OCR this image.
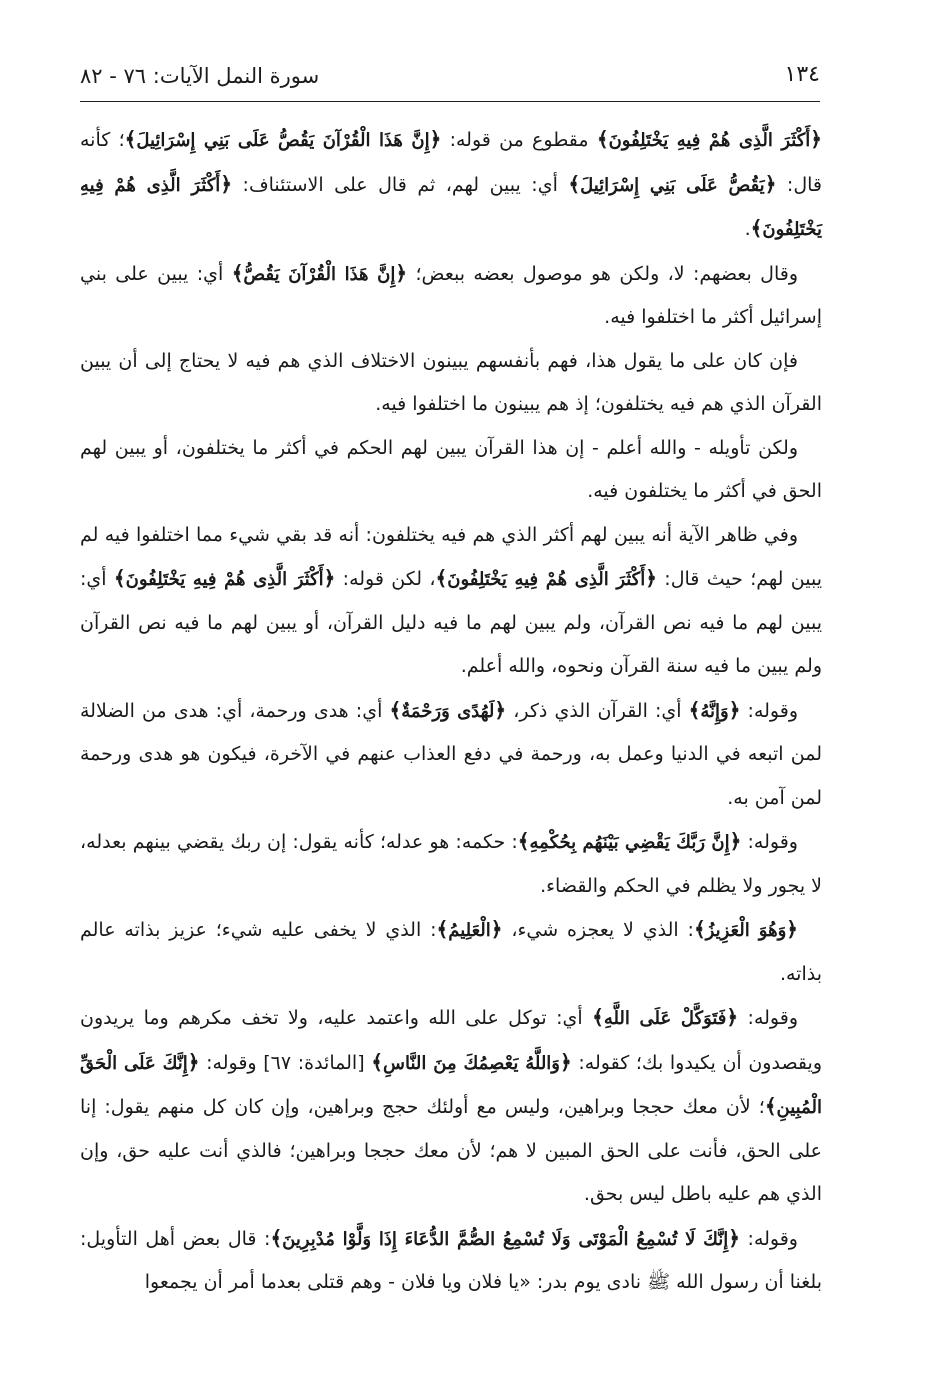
١٣٤
سورة النمل الآيات: ٧٦ - ٨٢

﴿أَكْثَرَ الَّذِى هُمْ فِيهِ يَخْتَلِفُونَ﴾ مقطوع من قوله: ﴿إِنَّ هَذَا الْقُرْآنَ يَقُصُّ عَلَى بَنِي إِسْرَائِيلَ﴾؛ كأنه قال: ﴿يَقُصُّ عَلَى بَنِي إِسْرَائِيلَ﴾ أي: يبين لهم، ثم قال على الاستئناف: ﴿أَكْثَرَ الَّذِى هُمْ فِيهِ يَخْتَلِفُونَ﴾.

وقال بعضهم: لا، ولكن هو موصول بعضه ببعض؛ ﴿إِنَّ هَذَا الْقُرْآنَ يَقُصُّ﴾ أي: يبين على بني إسرائيل أكثر ما اختلفوا فيه.

فإن كان على ما يقول هذا، فهم بأنفسهم يبينون الاختلاف الذي هم فيه لا يحتاج إلى أن يبين القرآن الذي هم فيه يختلفون؛ إذ هم يبينون ما اختلفوا فيه.

ولكن تأويله - والله أعلم - إن هذا القرآن يبين لهم الحكم في أكثر ما يختلفون، أو يبين لهم الحق في أكثر ما يختلفون فيه.

وفي ظاهر الآية أنه يبين لهم أكثر الذي هم فيه يختلفون: أنه قد بقي شيء مما اختلفوا فيه لم يبين لهم؛ حيث قال: ﴿أَكْثَرَ الَّذِى هُمْ فِيهِ يَخْتَلِفُونَ﴾، لكن قوله: ﴿أَكْثَرَ الَّذِى هُمْ فِيهِ يَخْتَلِفُونَ﴾ أي: يبين لهم ما فيه نص القرآن، ولم يبين لهم ما فيه دليل القرآن، أو يبين لهم ما فيه نص القرآن ولم يبين ما فيه سنة القرآن ونحوه، والله أعلم.

وقوله: ﴿وَإِنَّهُ﴾ أي: القرآن الذي ذكر، ﴿لَهُدًى وَرَحْمَةٌ﴾ أي: هدى ورحمة، أي: هدى من الضلالة لمن اتبعه في الدنيا وعمل به، ورحمة في دفع العذاب عنهم في الآخرة، فيكون هو هدى ورحمة لمن آمن به.

وقوله: ﴿إِنَّ رَبَّكَ يَقْضِي بَيْنَهُم بِحُكْمِهِ﴾: حكمه: هو عدله؛ كأنه يقول: إن ربك يقضي بينهم بعدله، لا يجور ولا يظلم في الحكم والقضاء.

﴿وَهُوَ الْعَزِيزُ﴾: الذي لا يعجزه شيء، ﴿الْعَلِيمُ﴾: الذي لا يخفى عليه شيء؛ عزيز بذاته عالم بذاته.

وقوله: ﴿فَتَوَكَّلْ عَلَى اللَّهِ﴾ أي: توكل على الله واعتمد عليه، ولا تخف مكرهم وما يريدون ويقصدون أن يكيدوا بك؛ كقوله: ﴿وَاللَّهُ يَعْصِمُكَ مِنَ النَّاسِ﴾ [المائدة: ٦٧] وقوله: ﴿إِنَّكَ عَلَى الْحَقِّ الْمُبِينِ﴾؛ لأن معك حججا وبراهين، وليس مع أولئك حجج وبراهين، وإن كان كل منهم يقول: إنا على الحق، فأنت على الحق المبين لا هم؛ لأن معك حججا وبراهين؛ فالذي أنت عليه حق، وإن الذي هم عليه باطل ليس بحق.

وقوله: ﴿إِنَّكَ لَا تُسْمِعُ الْمَوْتَى وَلَا تُسْمِعُ الصُّمَّ الدُّعَاءَ إِذَا وَلَّوْا مُدْبِرِينَ﴾: قال بعض أهل التأويل: بلغنا أن رسول الله ﷺ نادى يوم بدر: «يا فلان ويا فلان - وهم قتلى بعدما أمر أن يجمعوا
